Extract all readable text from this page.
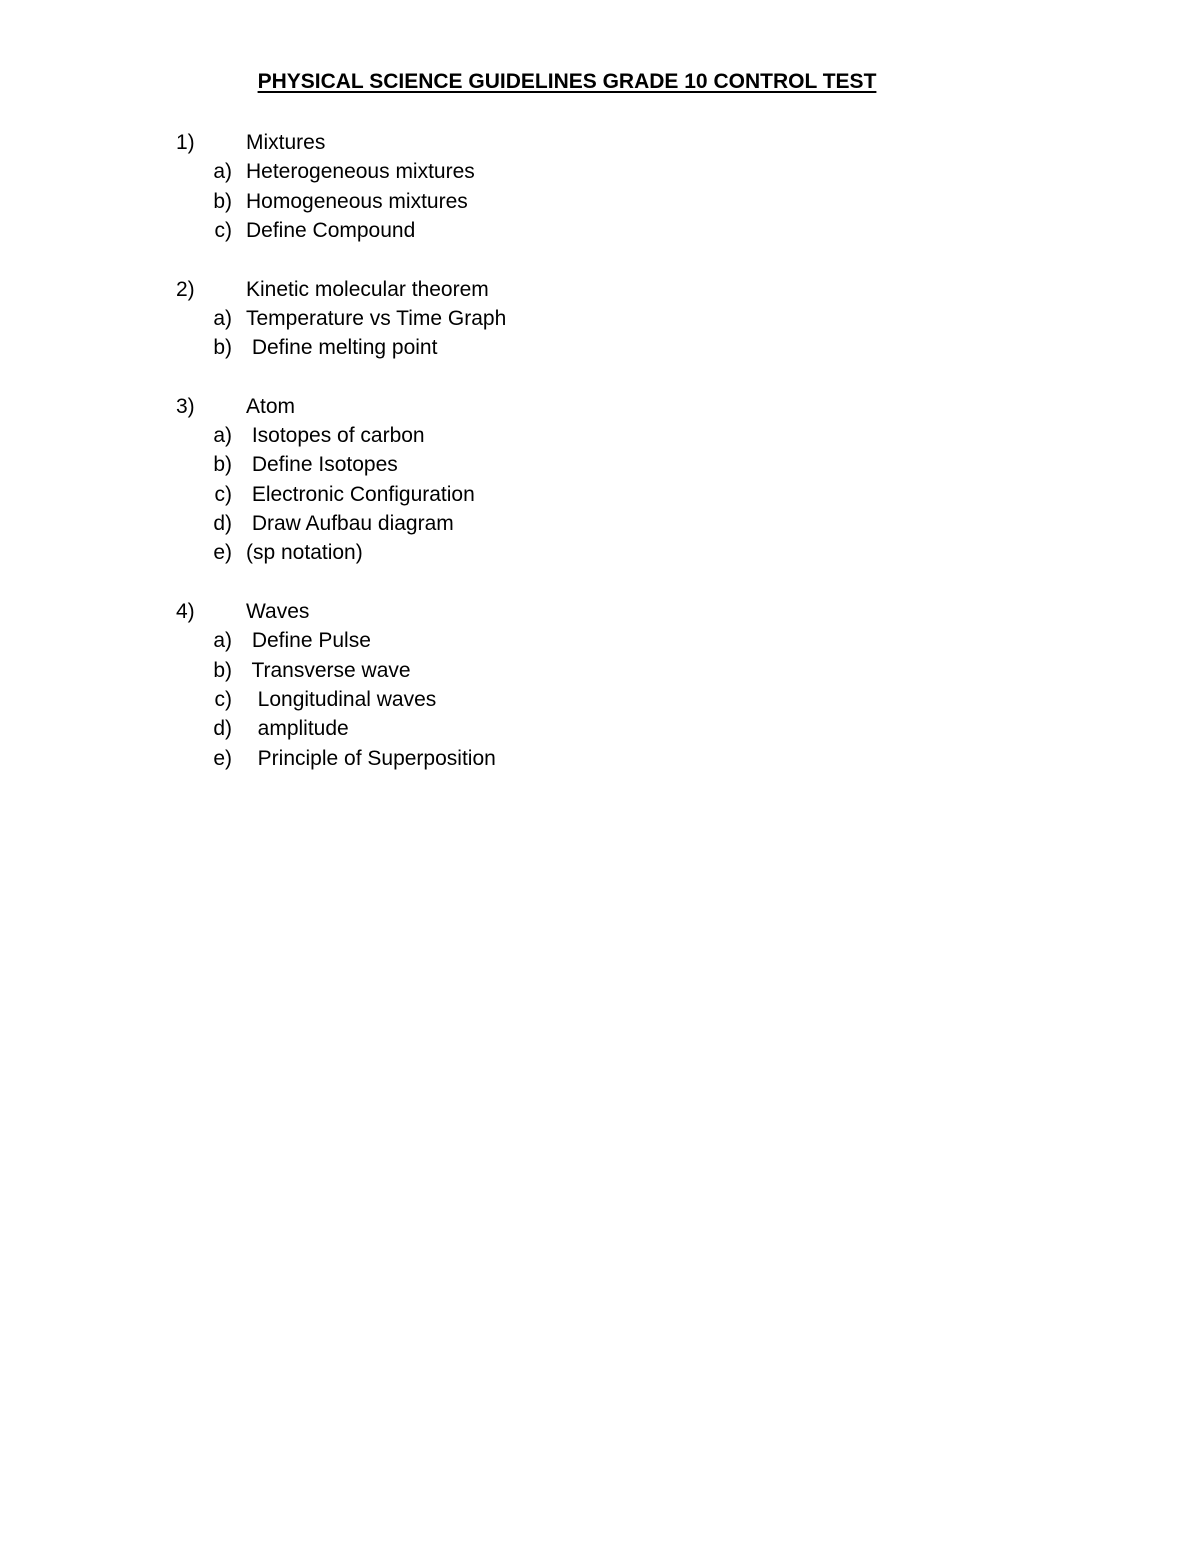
PHYSICAL SCIENCE GUIDELINES GRADE 10 CONTROL TEST
1)	Mixtures
a) Heterogeneous mixtures
b) Homogeneous mixtures
c) Define Compound
2)	Kinetic molecular theorem
a) Temperature vs Time Graph
b) Define melting point
3)	Atom
a) Isotopes of carbon
b) Define Isotopes
c) Electronic Configuration
d) Draw Aufbau diagram
e) (sp notation)
4)	Waves
a) Define Pulse
b) Transverse wave
c) Longitudinal waves
d) amplitude
e) Principle of Superposition
